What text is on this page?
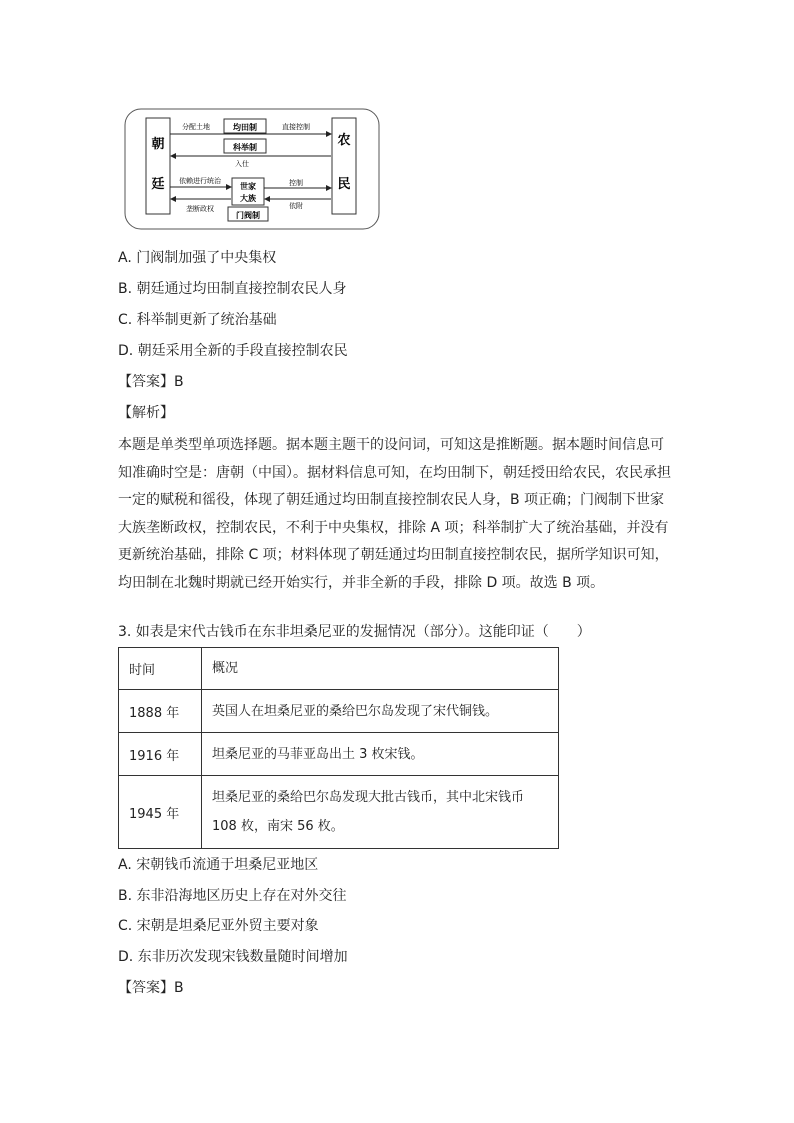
朝
廷
农
民
均田制
分配土地	直接控制
科举制
入仕
世家
大族
依赖进行统治	控制
垄断政权	依附
门阀制
A. 门阀制加强了中央集权
B. 朝廷通过均田制直接控制农民人身
C. 科举制更新了统治基础
D. 朝廷采用全新的手段直接控制农民
【答案】B
【解析】
本题是单类型单项选择题。据本题主题干的设问词，可知这是推断题。据本题时间信息可
知准确时空是：唐朝（中国）。据材料信息可知，在均田制下，朝廷授田给农民，农民承担
一定的赋税和徭役，体现了朝廷通过均田制直接控制农民人身，B 项正确；门阀制下世家
大族垄断政权，控制农民，不利于中央集权，排除 A 项；科举制扩大了统治基础，并没有
更新统治基础，排除 C 项；材料体现了朝廷通过均田制直接控制农民，据所学知识可知，
均田制在北魏时期就已经开始实行，并非全新的手段，排除 D 项。故选 B 项。
3. 如表是宋代古钱币在东非坦桑尼亚的发掘情况（部分）。这能印证（　　）
时间	概况
1888 年	英国人在坦桑尼亚的桑给巴尔岛发现了宋代铜钱。
1916 年	坦桑尼亚的马菲亚岛出土 3 枚宋钱。
1945 年	坦桑尼亚的桑给巴尔岛发现大批古钱币，其中北宋钱币
108 枚，南宋 56 枚。
A. 宋朝钱币流通于坦桑尼亚地区
B. 东非沿海地区历史上存在对外交往
C. 宋朝是坦桑尼亚外贸主要对象
D. 东非历次发现宋钱数量随时间增加
【答案】B
